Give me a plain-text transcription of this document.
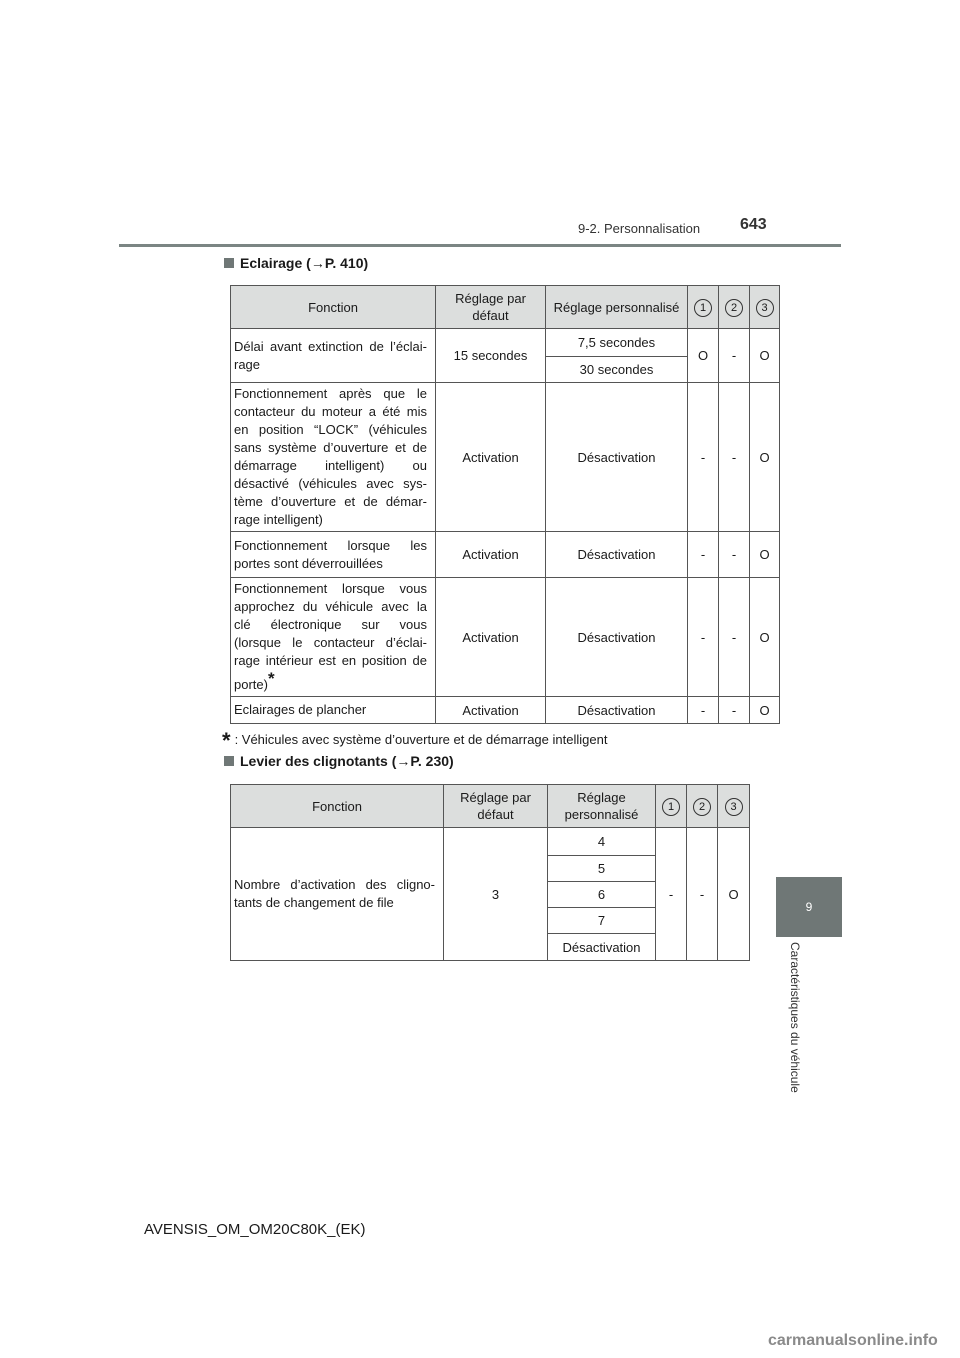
9-2. Personnalisation 643
9
Caractéristiques du véhicule
Eclairage (→P. 410)
Fonction	Réglage par défaut	Réglage personnalisé	1	2	3
Délai avant extinction de l’éclai-rage	15 secondes	7,5 secondes	O	-	O
		30 secondes			
Fonctionnement après que le contacteur du moteur a été mis en position “LOCK” (véhicules sans système d’ouverture et de démarrage intelligent) ou désactivé (véhicules avec sys-tème d’ouverture et de démar-rage intelligent)	Activation	Désactivation	-	-	O
Fonctionnement lorsque les portes sont déverrouillées	Activation	Désactivation	-	-	O
Fonctionnement lorsque vous approchez du véhicule avec la clé électronique sur vous (lorsque le contacteur d’éclai-rage intérieur est en position de porte)*	Activation	Désactivation	-	-	O
Eclairages de plancher	Activation	Désactivation	-	-	O
* : Véhicules avec système d’ouverture et de démarrage intelligent
Levier des clignotants (→P. 230)
Fonction	Réglage par défaut	Réglage personnalisé	1	2	3
Nombre d’activation des cligno-tants de changement de file	3	4	-	-	O
		5			
		6			
		7			
		Désactivation			
AVENSIS_OM_OM20C80K_(EK)
carmanualsonline.info
